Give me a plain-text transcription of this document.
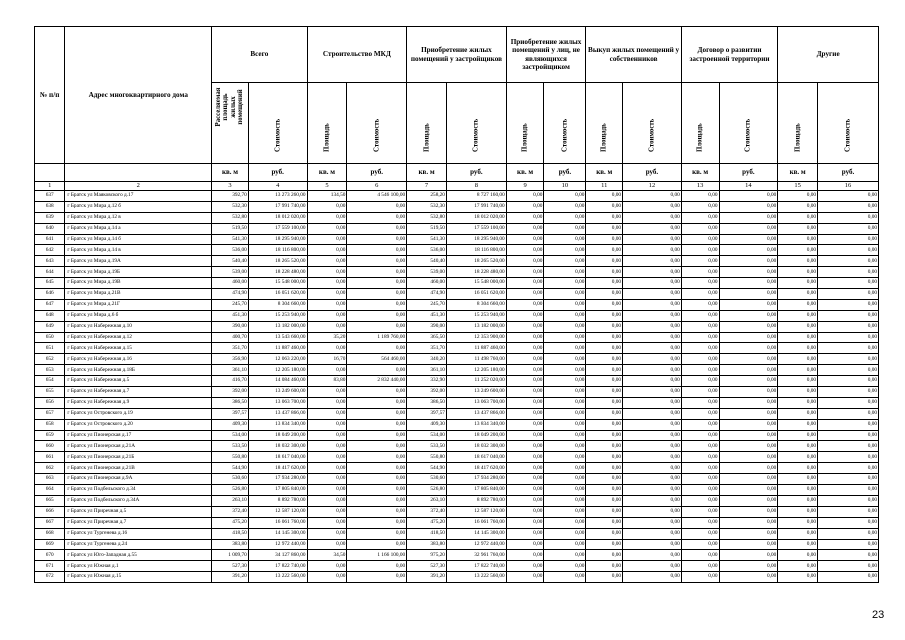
№ п/п	Адрес многоквартирного дома	Всего		Строительство МКД		Приобретение жилых помещений у застройщиков		Приобретение жилых помещений у лиц, не являющихся застройщиком		Выкуп жилых помещений у собственников		Договор о развитии застроенной территории		Другие	

		Расселяемая площадь жилых помещений	Стоимость	Площадь	Стоимость	Площадь	Стоимость	Площадь	Стоимость	Площадь	Стоимость	Площадь	Стоимость	Площадь	Стоимость

		кв. м	руб.	кв. м	руб.	кв. м	руб.	кв. м	руб.	кв. м	руб.	кв. м	руб.	кв. м	руб.
1	2	3	4	5	6	7	8	9	10	11	12	13	14	15	16
637	г Братск ул Маяковского д.17	392,70	13 273 260,00	134,50	4 546 100,00	258,20	8 727 160,00	0,00	0,00	0,00	0,00	0,00	0,00	0,00	0,00
638	г Братск ул Мира д.12 б	532,30	17 991 740,00	0,00	0,00	532,30	17 991 740,00	0,00	0,00	0,00	0,00	0,00	0,00	0,00	0,00
639	г Братск ул Мира д.12 в	532,80	18 012 020,00	0,00	0,00	532,80	18 012 020,00	0,00	0,00	0,00	0,00	0,00	0,00	0,00	0,00
640	г Братск ул Мира д.14 а	519,50	17 559 100,00	0,00	0,00	519,50	17 559 100,00	0,00	0,00	0,00	0,00	0,00	0,00	0,00	0,00
641	г Братск ул Мира д.14 б	541,30	18 295 940,00	0,00	0,00	541,30	18 295 940,00	0,00	0,00	0,00	0,00	0,00	0,00	0,00	0,00
642	г Братск ул Мира д.14 в	536,00	18 116 800,00	0,00	0,00	536,00	18 116 800,00	0,00	0,00	0,00	0,00	0,00	0,00	0,00	0,00
643	г Братск ул Мира д.19А	540,40	18 265 520,00	0,00	0,00	540,40	18 265 520,00	0,00	0,00	0,00	0,00	0,00	0,00	0,00	0,00
644	г Братск ул Мира д.19Б	539,00	18 228 480,00	0,00	0,00	539,00	18 228 480,00	0,00	0,00	0,00	0,00	0,00	0,00	0,00	0,00
645	г Братск ул Мира д.19В	460,00	15 548 000,00	0,00	0,00	460,00	15 548 000,00	0,00	0,00	0,00	0,00	0,00	0,00	0,00	0,00
646	г Братск ул Мира д.21В	474,90	16 051 620,00	0,00	0,00	474,90	16 051 620,00	0,00	0,00	0,00	0,00	0,00	0,00	0,00	0,00
647	г Братск ул Мира д.21Г	245,70	8 304 660,00	0,00	0,00	245,70	8 304 660,00	0,00	0,00	0,00	0,00	0,00	0,00	0,00	0,00
648	г Братск ул Мира д.6 б	451,30	15 253 940,00	0,00	0,00	451,30	15 253 940,00	0,00	0,00	0,00	0,00	0,00	0,00	0,00	0,00
649	г Братск ул Набережная д.10	390,00	13 182 000,00	0,00	0,00	390,00	13 182 000,00	0,00	0,00	0,00	0,00	0,00	0,00	0,00	0,00
650	г Братск ул Набережная д.12	400,70	13 543 660,00	35,20	1 189 760,00	365,50	12 353 900,00	0,00	0,00	0,00	0,00	0,00	0,00	0,00	0,00
651	г Братск ул Набережная д.15	351,70	11 887 460,00	0,00	0,00	351,70	11 887 460,00	0,00	0,00	0,00	0,00	0,00	0,00	0,00	0,00
652	г Братск ул Набережная д.16	356,90	12 063 220,00	16,70	564 460,00	340,20	11 498 760,00	0,00	0,00	0,00	0,00	0,00	0,00	0,00	0,00
653	г Братск ул Набережная д.18Б	361,10	12 205 180,00	0,00	0,00	361,10	12 205 180,00	0,00	0,00	0,00	0,00	0,00	0,00	0,00	0,00
654	г Братск ул Набережная д.5	416,70	14 084 460,00	83,80	2 832 440,00	332,90	11 252 020,00	0,00	0,00	0,00	0,00	0,00	0,00	0,00	0,00
655	г Братск ул Набережная д.7	392,00	13 249 600,00	0,00	0,00	392,00	13 249 600,00	0,00	0,00	0,00	0,00	0,00	0,00	0,00	0,00
656	г Братск ул Набережная д.9	386,50	13 063 700,00	0,00	0,00	386,50	13 063 700,00	0,00	0,00	0,00	0,00	0,00	0,00	0,00	0,00
657	г Братск ул Островского д.19	397,57	13 437 866,00	0,00	0,00	397,57	13 437 866,00	0,00	0,00	0,00	0,00	0,00	0,00	0,00	0,00
658	г Братск ул Островского д.20	409,30	13 834 340,00	0,00	0,00	409,30	13 834 340,00	0,00	0,00	0,00	0,00	0,00	0,00	0,00	0,00
659	г Братск ул Пионерская д.17	534,00	18 049 200,00	0,00	0,00	534,00	18 049 200,00	0,00	0,00	0,00	0,00	0,00	0,00	0,00	0,00
660	г Братск ул Пионерская д.21А	533,50	18 032 300,00	0,00	0,00	533,50	18 032 300,00	0,00	0,00	0,00	0,00	0,00	0,00	0,00	0,00
661	г Братск ул Пионерская д.21Б	550,80	18 617 040,00	0,00	0,00	550,80	18 617 040,00	0,00	0,00	0,00	0,00	0,00	0,00	0,00	0,00
662	г Братск ул Пионерская д.21В	544,90	18 417 620,00	0,00	0,00	544,90	18 417 620,00	0,00	0,00	0,00	0,00	0,00	0,00	0,00	0,00
663	г Братск ул Пионерская д.9А	530,60	17 934 280,00	0,00	0,00	530,60	17 934 280,00	0,00	0,00	0,00	0,00	0,00	0,00	0,00	0,00
664	г Братск ул Подбельского д.34	526,80	17 805 840,00	0,00	0,00	526,80	17 805 840,00	0,00	0,00	0,00	0,00	0,00	0,00	0,00	0,00
665	г Братск ул Подбельского д.34А	263,10	8 892 780,00	0,00	0,00	263,10	8 892 780,00	0,00	0,00	0,00	0,00	0,00	0,00	0,00	0,00
666	г Братск ул Приречная д.5	372,40	12 587 120,00	0,00	0,00	372,40	12 587 120,00	0,00	0,00	0,00	0,00	0,00	0,00	0,00	0,00
667	г Братск ул Приречная д.7	475,20	16 061 760,00	0,00	0,00	475,20	16 061 760,00	0,00	0,00	0,00	0,00	0,00	0,00	0,00	0,00
668	г Братск ул Тургенева д.16	418,50	14 145 300,00	0,00	0,00	418,50	14 145 300,00	0,00	0,00	0,00	0,00	0,00	0,00	0,00	0,00
669	г Братск ул Тургенева д.24	383,80	12 972 440,00	0,00	0,00	383,80	12 972 440,00	0,00	0,00	0,00	0,00	0,00	0,00	0,00	0,00
670	г Братск ул Юго-Западная д.55	1 009,70	34 127 860,00	34,50	1 166 100,00	975,20	32 961 760,00	0,00	0,00	0,00	0,00	0,00	0,00	0,00	0,00
671	г Братск ул Южная д.1	527,30	17 822 740,00	0,00	0,00	527,30	17 822 740,00	0,00	0,00	0,00	0,00	0,00	0,00	0,00	0,00
672	г Братск ул Южная д.15	391,20	13 222 560,00	0,00	0,00	391,20	13 222 560,00	0,00	0,00	0,00	0,00	0,00	0,00	0,00	0,00
23
